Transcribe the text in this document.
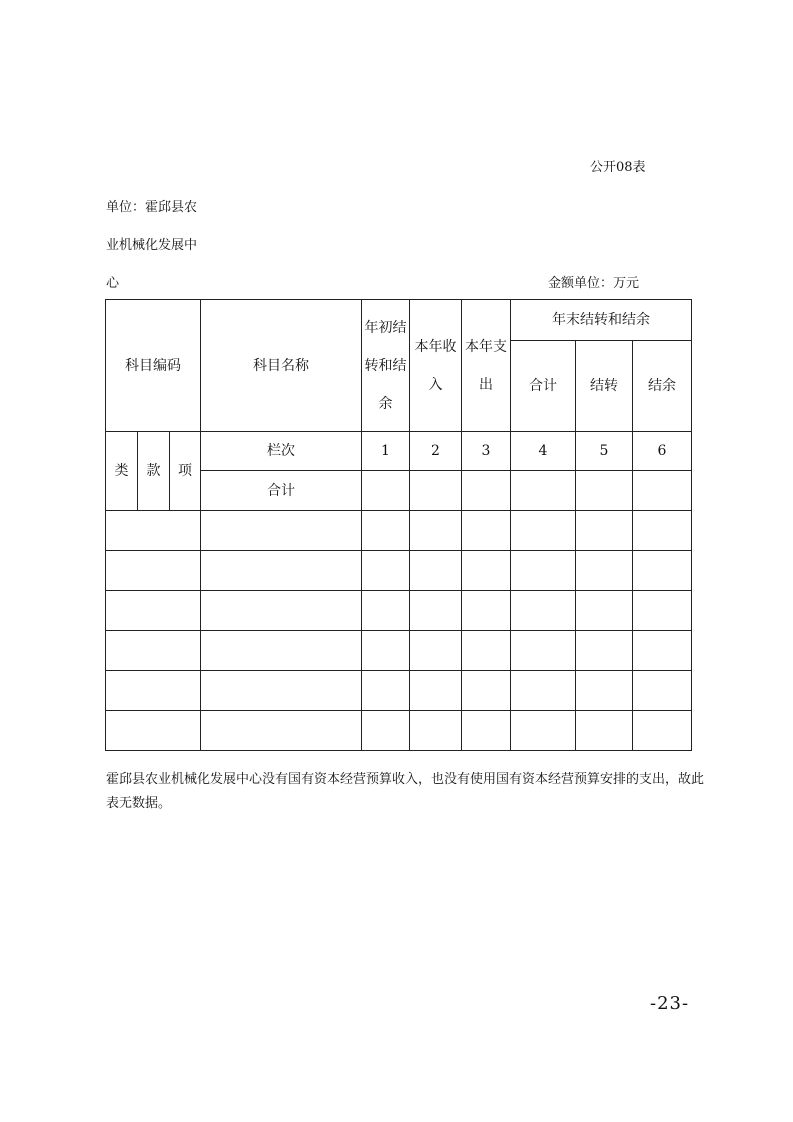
公开08表
单位：霍邱县农
业机械化发展中
心	金额单位：万元
科目编码			科目名称	年初结转和结余	本年收入	本年支出	年末结转和结余		
							合计	结转	结余
类	款	项	栏次	1	2	3	4	5	6
			合计						

霍邱县农业机械化发展中心没有国有资本经营预算收入，也没有使用国有资本经营预算安排的支出，故此表无数据。
-23-
